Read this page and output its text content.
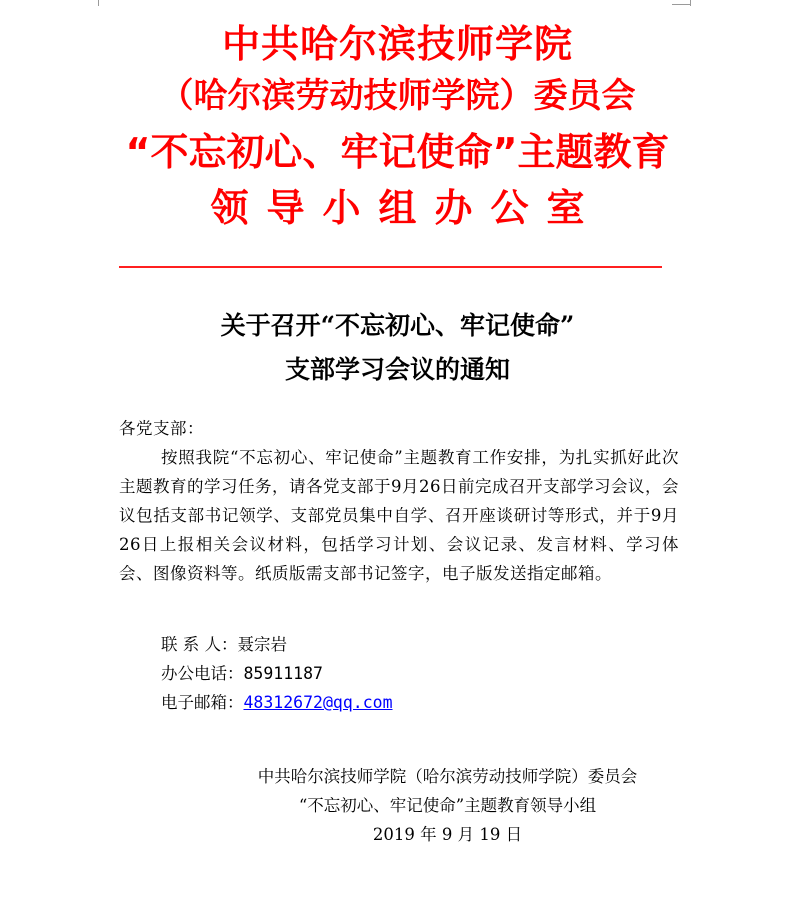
中共哈尔滨技师学院
（哈尔滨劳动技师学院）委员会
“不忘初心、牢记使命”主题教育
领导小组办公室
关于召开“不忘初心、牢记使命”
支部学习会议的通知
各党支部：
按照我院“不忘初心、牢记使命”主题教育工作安排，为扎实抓好此次主题教育的学习任务，请各党支部于9月26日前完成召开支部学习会议，会议包括支部书记领学、支部党员集中自学、召开座谈研讨等形式，并于9月26日上报相关会议材料，包括学习计划、会议记录、发言材料、学习体会、图像资料等。纸质版需支部书记签字，电子版发送指定邮箱。
联 系 人：聂宗岩
办公电话：85911187
电子邮箱：48312672@qq.com
中共哈尔滨技师学院（哈尔滨劳动技师学院）委员会
“不忘初心、牢记使命”主题教育领导小组
2019 年 9 月 19 日
